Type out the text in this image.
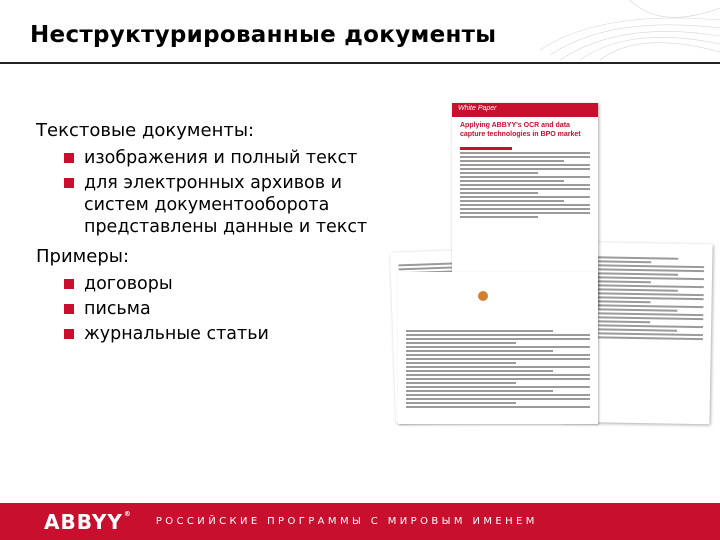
Неструктурированные документы
Текстовые документы:
изображения и полный текст
для электронных архивов и систем документооборота представлены данные и текст
Примеры:
договоры
письма
журнальные статьи
White Paper
Applying ABBYY's OCR and data capture technologies in BPO market
ABBYY®
РОССИЙСКИЕ ПРОГРАММЫ С МИРОВЫМ ИМЕНЕМ
